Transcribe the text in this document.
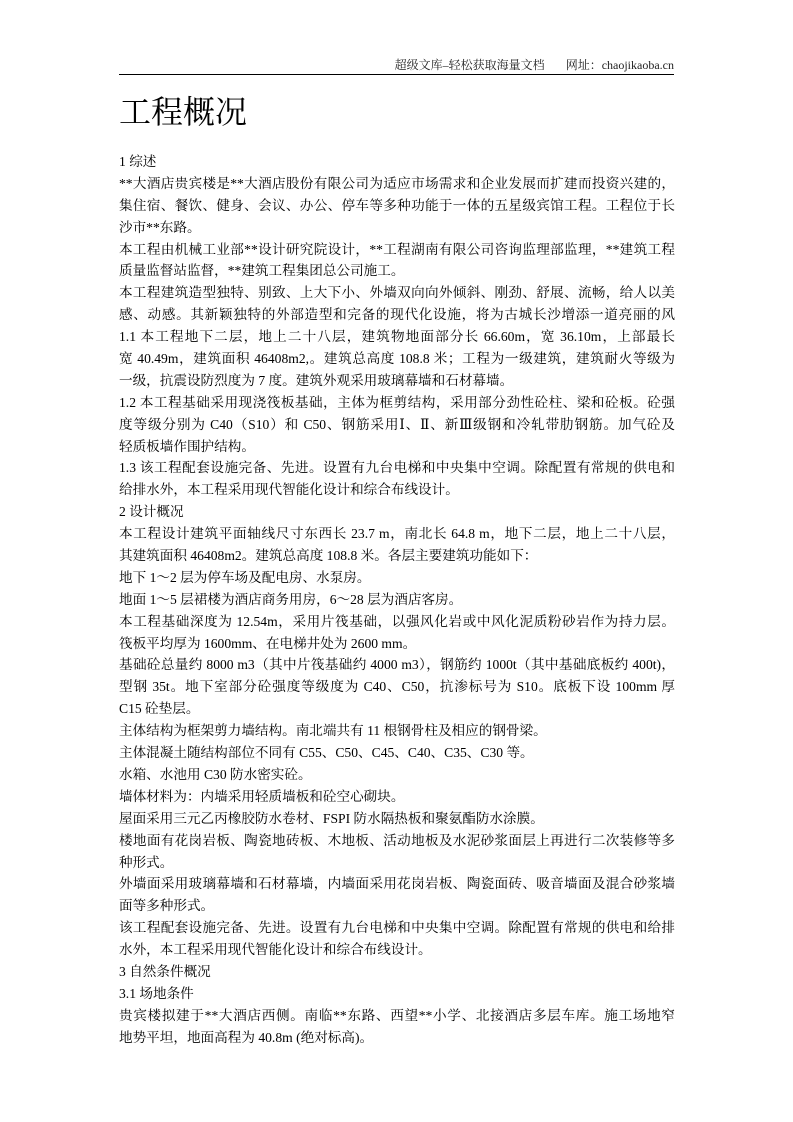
超级文库–轻松获取海量文档 网址：chaojikaoba.cn
工程概况
1 综述
**大酒店贵宾楼是**大酒店股份有限公司为适应市场需求和企业发展而扩建而投资兴建的，
集住宿、餐饮、健身、会议、办公、停车等多种功能于一体的五星级宾馆工程。工程位于长
沙市**东路。
本工程由机械工业部**设计研究院设计，**工程湖南有限公司咨询监理部监理，**建筑工程
质量监督站监督，**建筑工程集团总公司施工。
本工程建筑造型独特、别致、上大下小、外墙双向向外倾斜、刚劲、舒展、流畅，给人以美
感、动感。其新颖独特的外部造型和完备的现代化设施，将为古城长沙增添一道亮丽的风
1.1 本工程地下二层，地上二十八层，建筑物地面部分长 66.60m，宽 36.10m，上部最长
宽 40.49m，建筑面积 46408m2,。建筑总高度 108.8 米；工程为一级建筑，建筑耐火等级为
一级，抗震设防烈度为 7 度。建筑外观采用玻璃幕墙和石材幕墙。
1.2 本工程基础采用现浇筏板基础，主体为框剪结构，采用部分劲性砼柱、梁和砼板。砼强
度等级分别为 C40（S10）和 C50、钢筋采用Ⅰ、Ⅱ、新Ⅲ级钢和冷轧带肋钢筋。加气砼及
轻质板墙作围护结构。
1.3 该工程配套设施完备、先进。设置有九台电梯和中央集中空调。除配置有常规的供电和
给排水外，本工程采用现代智能化设计和综合布线设计。
2 设计概况
本工程设计建筑平面轴线尺寸东西长 23.7 m，南北长 64.8 m，地下二层，地上二十八层，
其建筑面积 46408m2。建筑总高度 108.8 米。各层主要建筑功能如下：
地下 1～2 层为停车场及配电房、水泵房。
地面 1～5 层裙楼为酒店商务用房，6～28 层为酒店客房。
本工程基础深度为 12.54m，采用片筏基础，以强风化岩或中风化泥质粉砂岩作为持力层。
筏板平均厚为 1600mm、在电梯井处为 2600 mm。
基础砼总量约 8000 m3（其中片筏基础约 4000 m3），钢筋约 1000t（其中基础底板约 400t)，
型钢 35t。地下室部分砼强度等级度为 C40、C50，抗渗标号为 S10。底板下设 100mm 厚
C15 砼垫层。
主体结构为框架剪力墙结构。南北端共有 11 根钢骨柱及相应的钢骨梁。
主体混凝土随结构部位不同有 C55、C50、C45、C40、C35、C30 等。
水箱、水池用 C30 防水密实砼。
墙体材料为：内墙采用轻质墙板和砼空心砌块。
屋面采用三元乙丙橡胶防水卷材、FSPI 防水隔热板和聚氨酯防水涂膜。
楼地面有花岗岩板、陶瓷地砖板、木地板、活动地板及水泥砂浆面层上再进行二次装修等多
种形式。
外墙面采用玻璃幕墙和石材幕墙，内墙面采用花岗岩板、陶瓷面砖、吸音墙面及混合砂浆墙
面等多种形式。
该工程配套设施完备、先进。设置有九台电梯和中央集中空调。除配置有常规的供电和给排
水外，本工程采用现代智能化设计和综合布线设计。
3 自然条件概况
3.1 场地条件
贵宾楼拟建于**大酒店西侧。南临**东路、西望**小学、北接酒店多层车库。施工场地窄
地势平坦，地面高程为 40.8m (绝对标高)。
